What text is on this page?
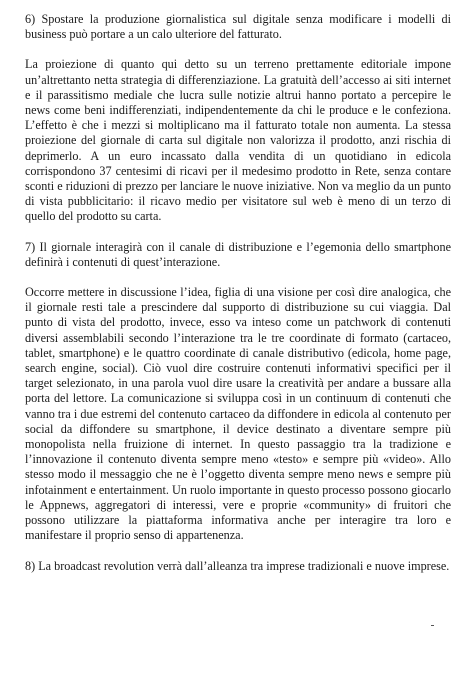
6) Spostare la produzione giornalistica sul digitale senza modificare i modelli di business può portare a un calo ulteriore del fatturato.

La proiezione di quanto qui detto su un terreno prettamente editoriale impone un’altrettanto netta strategia di differenziazione. La gratuità dell’accesso ai siti internet e il parassitismo mediale che lucra sulle notizie altrui hanno portato a percepire le news come beni indifferenziati, indipendentemente da chi le produce e le confeziona. L’effetto è che i mezzi si moltiplicano ma il fatturato totale non aumenta. La stessa proiezione del giornale di carta sul digitale non valorizza il prodotto, anzi rischia di deprimerlo. A un euro incassato dalla vendita di un quotidiano in edicola corrispondono 37 centesimi di ricavi per il medesimo prodotto in Rete, senza contare sconti e riduzioni di prezzo per lanciare le nuove iniziative. Non va meglio da un punto di vista pubblicitario: il ricavo medio per visitatore sul web è meno di un terzo di quello del prodotto su carta.

7) Il giornale interagirà con il canale di distribuzione e l’egemonia dello smartphone definirà i contenuti di quest’interazione.

Occorre mettere in discussione l’idea, figlia di una visione per così dire analogica, che il giornale resti tale a prescindere dal supporto di distribuzione su cui viaggia. Dal punto di vista del prodotto, invece, esso va inteso come un patchwork di contenuti diversi assemblabili secondo l’interazione tra le tre coordinate di formato (cartaceo, tablet, smartphone) e le quattro coordinate di canale distributivo (edicola, home page, search engine, social). Ciò vuol dire costruire contenuti informativi specifici per il target selezionato, in una parola vuol dire usare la creatività per andare a bussare alla porta del lettore. La comunicazione si sviluppa così in un continuum di contenuti che vanno tra i due estremi del contenuto cartaceo da diffondere in edicola al contenuto per social da diffondere su smartphone, il device destinato a diventare sempre più monopolista nella fruizione di internet. In questo passaggio tra la tradizione e l’innovazione il contenuto diventa sempre meno «testo» e sempre più «video». Allo stesso modo il messaggio che ne è l’oggetto diventa sempre meno news e sempre più infotainment e entertainment. Un ruolo importante in questo processo possono giocarlo le Appnews, aggregatori di interessi, vere e proprie «community» di fruitori che possono utilizzare la piattaforma informativa anche per interagire tra loro e manifestare il proprio senso di appartenenza.

8) La broadcast revolution verrà dall’alleanza tra imprese tradizionali e nuove imprese.
